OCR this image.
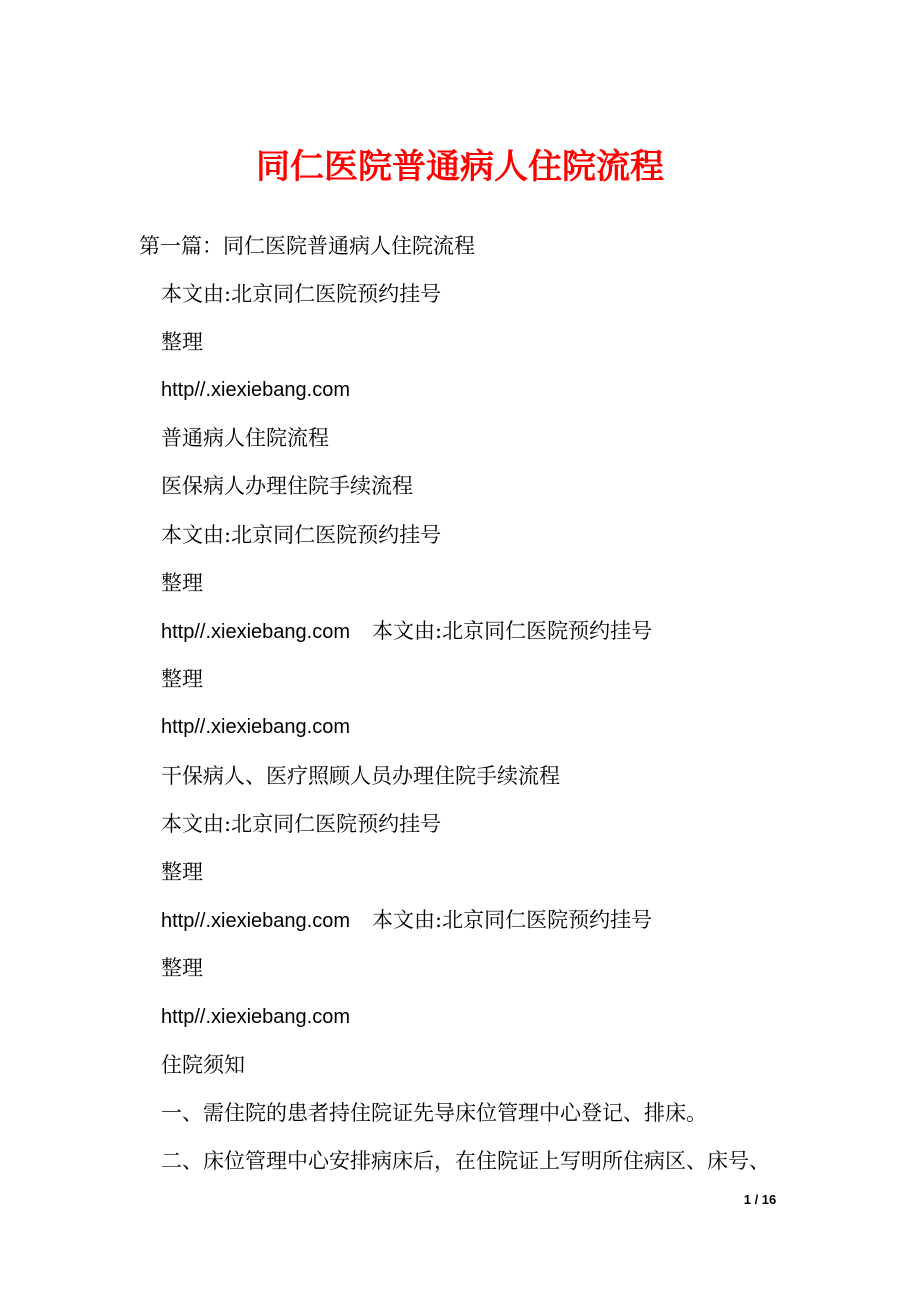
同仁医院普通病人住院流程
第一篇：同仁医院普通病人住院流程
本文由:北京同仁医院预约挂号
整理
http//.xiexiebang.com
普通病人住院流程
医保病人办理住院手续流程
本文由:北京同仁医院预约挂号
整理
http//.xiexiebang.com 本文由:北京同仁医院预约挂号
整理
http//.xiexiebang.com
干保病人、医疗照顾人员办理住院手续流程
本文由:北京同仁医院预约挂号
整理
http//.xiexiebang.com 本文由:北京同仁医院预约挂号
整理
http//.xiexiebang.com
住院须知
一、需住院的患者持住院证先导床位管理中心登记、排床。
二、床位管理中心安排病床后，在住院证上写明所住病区、床号、
1 / 16
